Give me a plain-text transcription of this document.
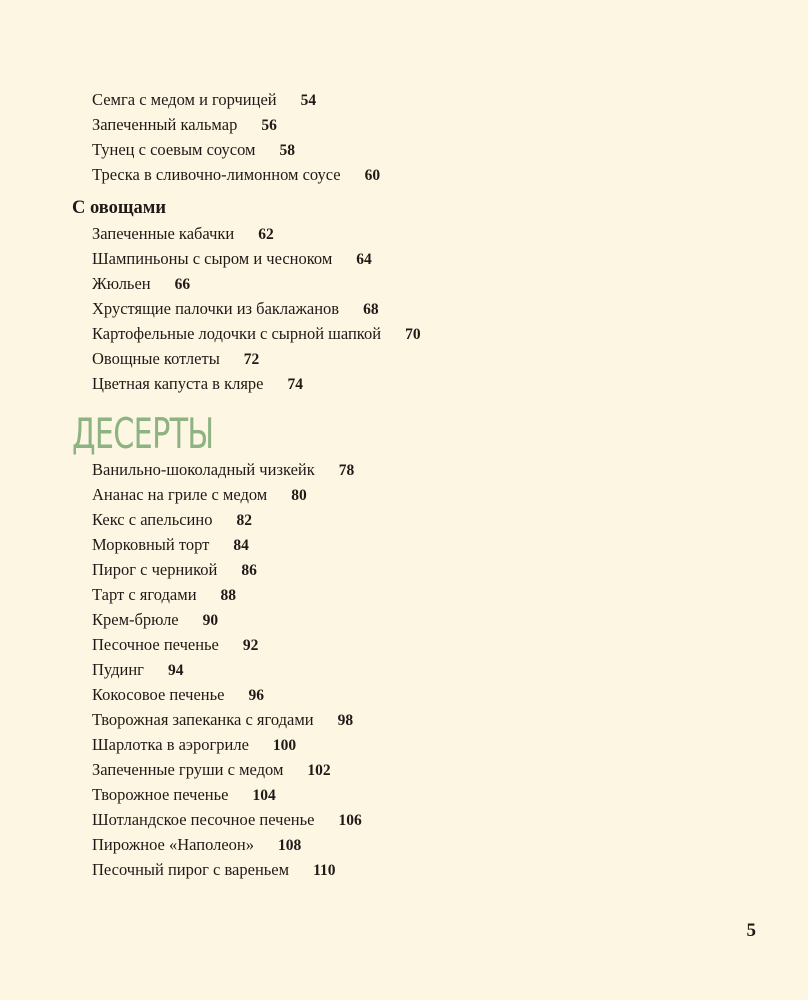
Семга с медом и горчицей 54
Запеченный кальмар 56
Тунец с соевым соусом 58
Треска в сливочно-лимонном соусе 60
С овощами
Запеченные кабачки 62
Шампиньоны с сыром и чесноком 64
Жюльен 66
Хрустящие палочки из баклажанов 68
Картофельные лодочки с сырной шапкой 70
Овощные котлеты 72
Цветная капуста в кляре 74
ДЕСЕРТЫ
Ванильно-шоколадный чизкейк 78
Ананас на гриле с медом 80
Кекс с апельсино 82
Морковный торт 84
Пирог с черникой 86
Тарт с ягодами 88
Крем-брюле 90
Песочное печенье 92
Пудинг 94
Кокосовое печенье 96
Творожная запеканка с ягодами 98
Шарлотка в аэрогриле 100
Запеченные груши с медом 102
Творожное печенье 104
Шотландское песочное печенье 106
Пирожное «Наполеон» 108
Песочный пирог с вареньем 110
5
